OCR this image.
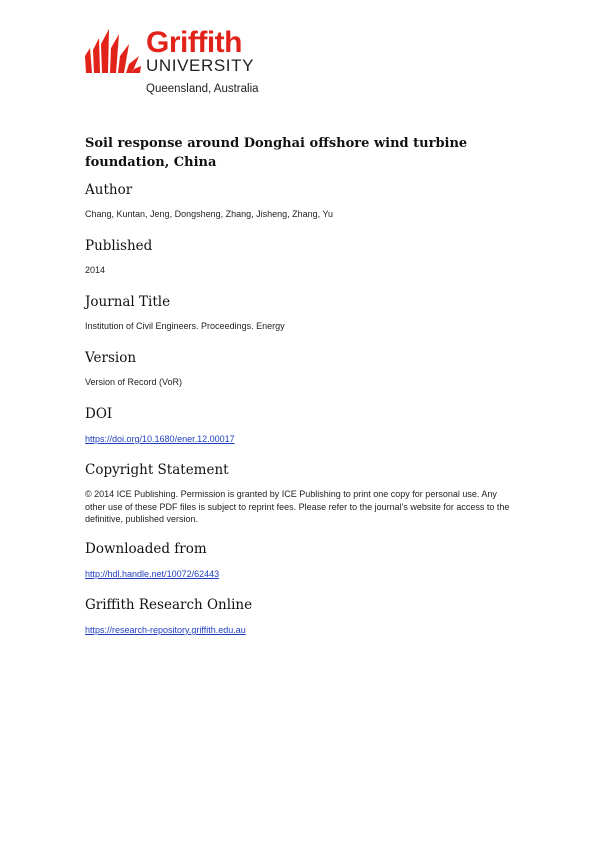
Griffith
UNIVERSITY
Queensland, Australia
Soil response around Donghai offshore wind turbine foundation, China
Author

Chang, Kuntan, Jeng, Dongsheng, Zhang, Jisheng, Zhang, Yu

Published

2014

Journal Title

Institution of Civil Engineers. Proceedings. Energy

Version

Version of Record (VoR)

DOI
https://doi.org/10.1680/ener.12.00017
Copyright Statement

© 2014 ICE Publishing. Permission is granted by ICE Publishing to print one copy for personal use. Any other use of these PDF files is subject to reprint fees. Please refer to the journal's website for access to the definitive, published version.

Downloaded from
http://hdl.handle.net/10072/62443
Griffith Research Online
https://research-repository.griffith.edu.au
